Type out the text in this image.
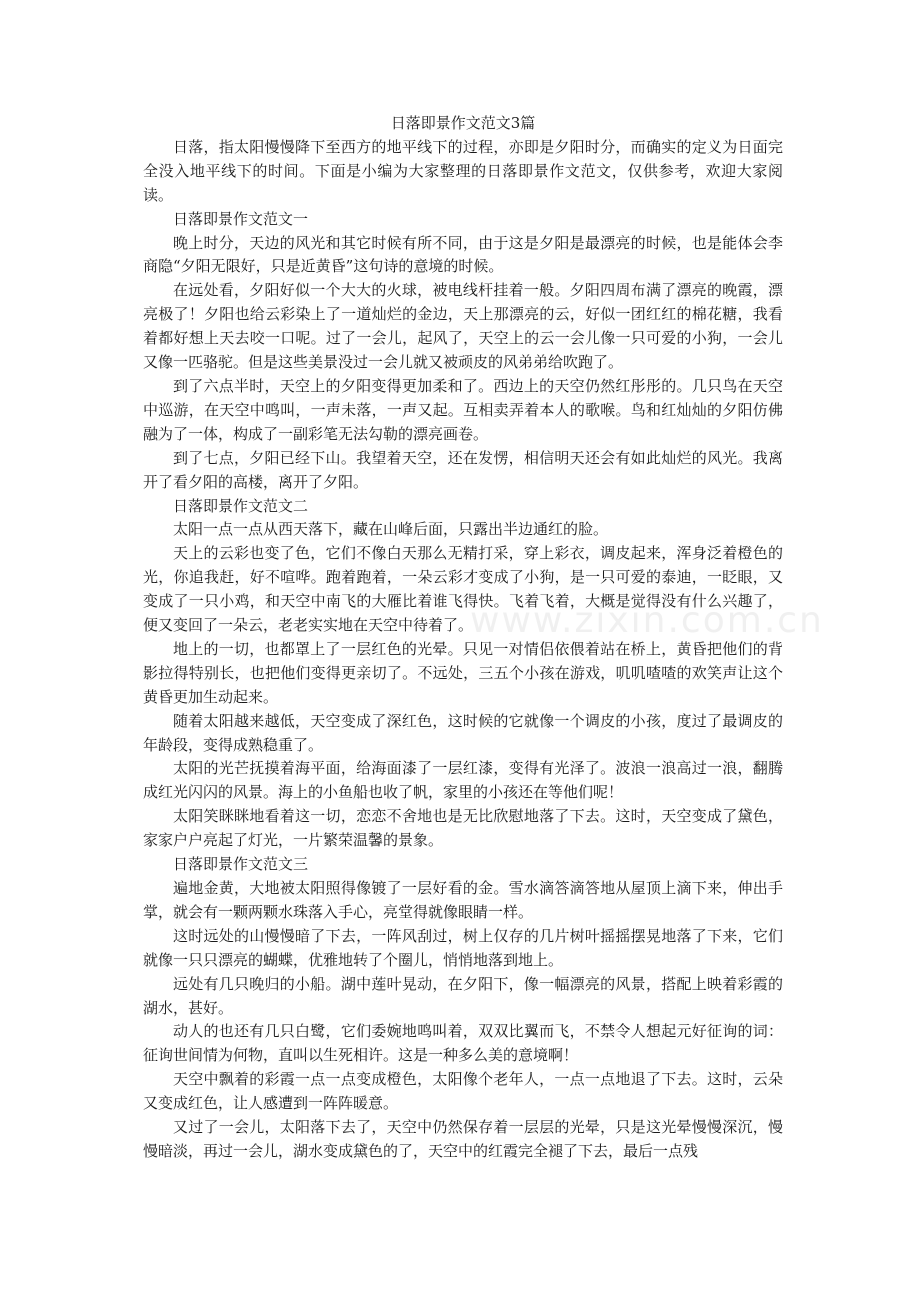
www.zixin.com.cn

日落即景作文范文3篇

日落，指太阳慢慢降下至西方的地平线下的过程，亦即是夕阳时分，而确实的定义为日面完全没入地平线下的时间。下面是小编为大家整理的日落即景作文范文，仅供参考，欢迎大家阅读。

日落即景作文范文一

晚上时分，天边的风光和其它时候有所不同，由于这是夕阳是最漂亮的时候，也是能体会李商隐“夕阳无限好，只是近黄昏”这句诗的意境的时候。

在远处看，夕阳好似一个大大的火球，被电线杆挂着一般。夕阳四周布满了漂亮的晚霞，漂亮极了！夕阳也给云彩染上了一道灿烂的金边，天上那漂亮的云，好似一团红红的棉花糖，我看着都好想上天去咬一口呢。过了一会儿，起风了，天空上的云一会儿像一只可爱的小狗，一会儿又像一匹骆驼。但是这些美景没过一会儿就又被顽皮的风弟弟给吹跑了。

到了六点半时，天空上的夕阳变得更加柔和了。西边上的天空仍然红彤彤的。几只鸟在天空中巡游，在天空中鸣叫，一声未落，一声又起。互相卖弄着本人的歌喉。鸟和红灿灿的夕阳仿佛融为了一体，构成了一副彩笔无法勾勒的漂亮画卷。

到了七点，夕阳已经下山。我望着天空，还在发愣，相信明天还会有如此灿烂的风光。我离开了看夕阳的高楼，离开了夕阳。

日落即景作文范文二

太阳一点一点从西天落下，藏在山峰后面，只露出半边通红的脸。

天上的云彩也变了色，它们不像白天那么无精打采，穿上彩衣，调皮起来，浑身泛着橙色的光，你追我赶，好不喧哗。跑着跑着，一朵云彩才变成了小狗，是一只可爱的泰迪，一眨眼，又变成了一只小鸡，和天空中南飞的大雁比着谁飞得快。飞着飞着，大概是觉得没有什么兴趣了，便又变回了一朵云，老老实实地在天空中待着了。

地上的一切，也都罩上了一层红色的光晕。只见一对情侣依偎着站在桥上，黄昏把他们的背影拉得特别长，也把他们变得更亲切了。不远处，三五个小孩在游戏，叽叽喳喳的欢笑声让这个黄昏更加生动起来。

随着太阳越来越低，天空变成了深红色，这时候的它就像一个调皮的小孩，度过了最调皮的年龄段，变得成熟稳重了。

太阳的光芒抚摸着海平面，给海面漆了一层红漆，变得有光泽了。波浪一浪高过一浪，翻腾成红光闪闪的风景。海上的小鱼船也收了帆，家里的小孩还在等他们呢！

太阳笑眯眯地看着这一切，恋恋不舍地也是无比欣慰地落了下去。这时，天空变成了黛色，家家户户亮起了灯光，一片繁荣温馨的景象。

日落即景作文范文三

遍地金黄，大地被太阳照得像镀了一层好看的金。雪水滴答滴答地从屋顶上滴下来，伸出手掌，就会有一颗两颗水珠落入手心，亮堂得就像眼睛一样。

这时远处的山慢慢暗了下去，一阵风刮过，树上仅存的几片树叶摇摇摆晃地落了下来，它们就像一只只漂亮的蝴蝶，优雅地转了个圈儿，悄悄地落到地上。

远处有几只晚归的小船。湖中莲叶晃动，在夕阳下，像一幅漂亮的风景，搭配上映着彩霞的湖水，甚好。

动人的也还有几只白鹭，它们委婉地鸣叫着，双双比翼而飞，不禁令人想起元好征询的词：征询世间情为何物，直叫以生死相许。这是一种多么美的意境啊！

天空中飘着的彩霞一点一点变成橙色，太阳像个老年人，一点一点地退了下去。这时，云朵又变成红色，让人感遭到一阵阵暖意。

又过了一会儿，太阳落下去了，天空中仍然保存着一层层的光晕，只是这光晕慢慢深沉，慢慢暗淡，再过一会儿，湖水变成黛色的了，天空中的红霞完全褪了下去，最后一点残
